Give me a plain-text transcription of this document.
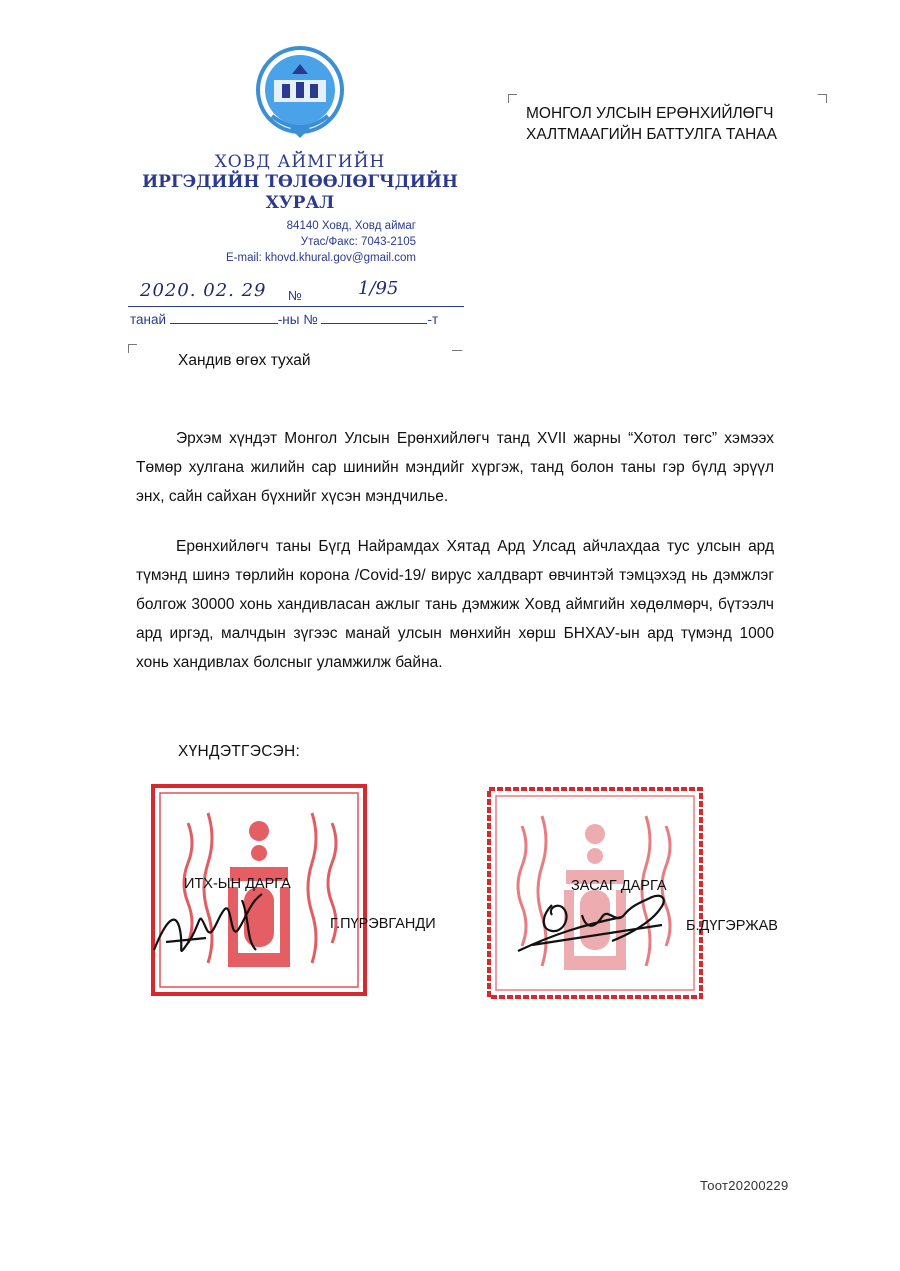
ХОВД АЙМГИЙН
ИРГЭДИЙН ТӨЛӨӨЛӨГЧДИЙН
ХУРАЛ
84140 Ховд, Ховд аймаг
Утас/Факс: 7043-2105
E-mail: khovd.khural.gov@gmail.com
МОНГОЛ УЛСЫН ЕРӨНХИЙЛӨГЧ
ХАЛТМААГИЙН БАТТУЛГА ТАНАА
2020. 02. 29 №	1/95
танай	-ны №	-т
Хандив өгөх тухай
Эрхэм хүндэт Монгол Улсын Ерөнхийлөгч танд XVII жарны “Хотол төгс” хэмээх Төмөр хулгана жилийн сар шинийн мэндийг хүргэж, танд болон таны гэр бүлд эрүүл энх, сайн сайхан бүхнийг хүсэн мэндчилье.
Ерөнхийлөгч таны Бүгд Найрамдах Хятад Ард Улсад айчлахдаа тус улсын ард түмэнд шинэ төрлийн корона /Covid-19/ вирус халдварт өвчинтэй тэмцэхэд нь дэмжлэг болгож 30000 хонь хандивласан ажлыг тань дэмжиж Ховд аймгийн хөдөлмөрч, бүтээлч ард иргэд, малчдын зүгээс манай улсын мөнхийн хөрш БНХАУ-ын ард түмэнд 1000 хонь хандивлах болсныг уламжилж байна.
ХҮНДЭТГЭСЭН:
ИТХ-ЫН ДАРГА
Г.ПҮРЭВГАНДИ
ЗАСАГ ДАРГА
Б.ДҮГЭРЖАВ
Тоот20200229
